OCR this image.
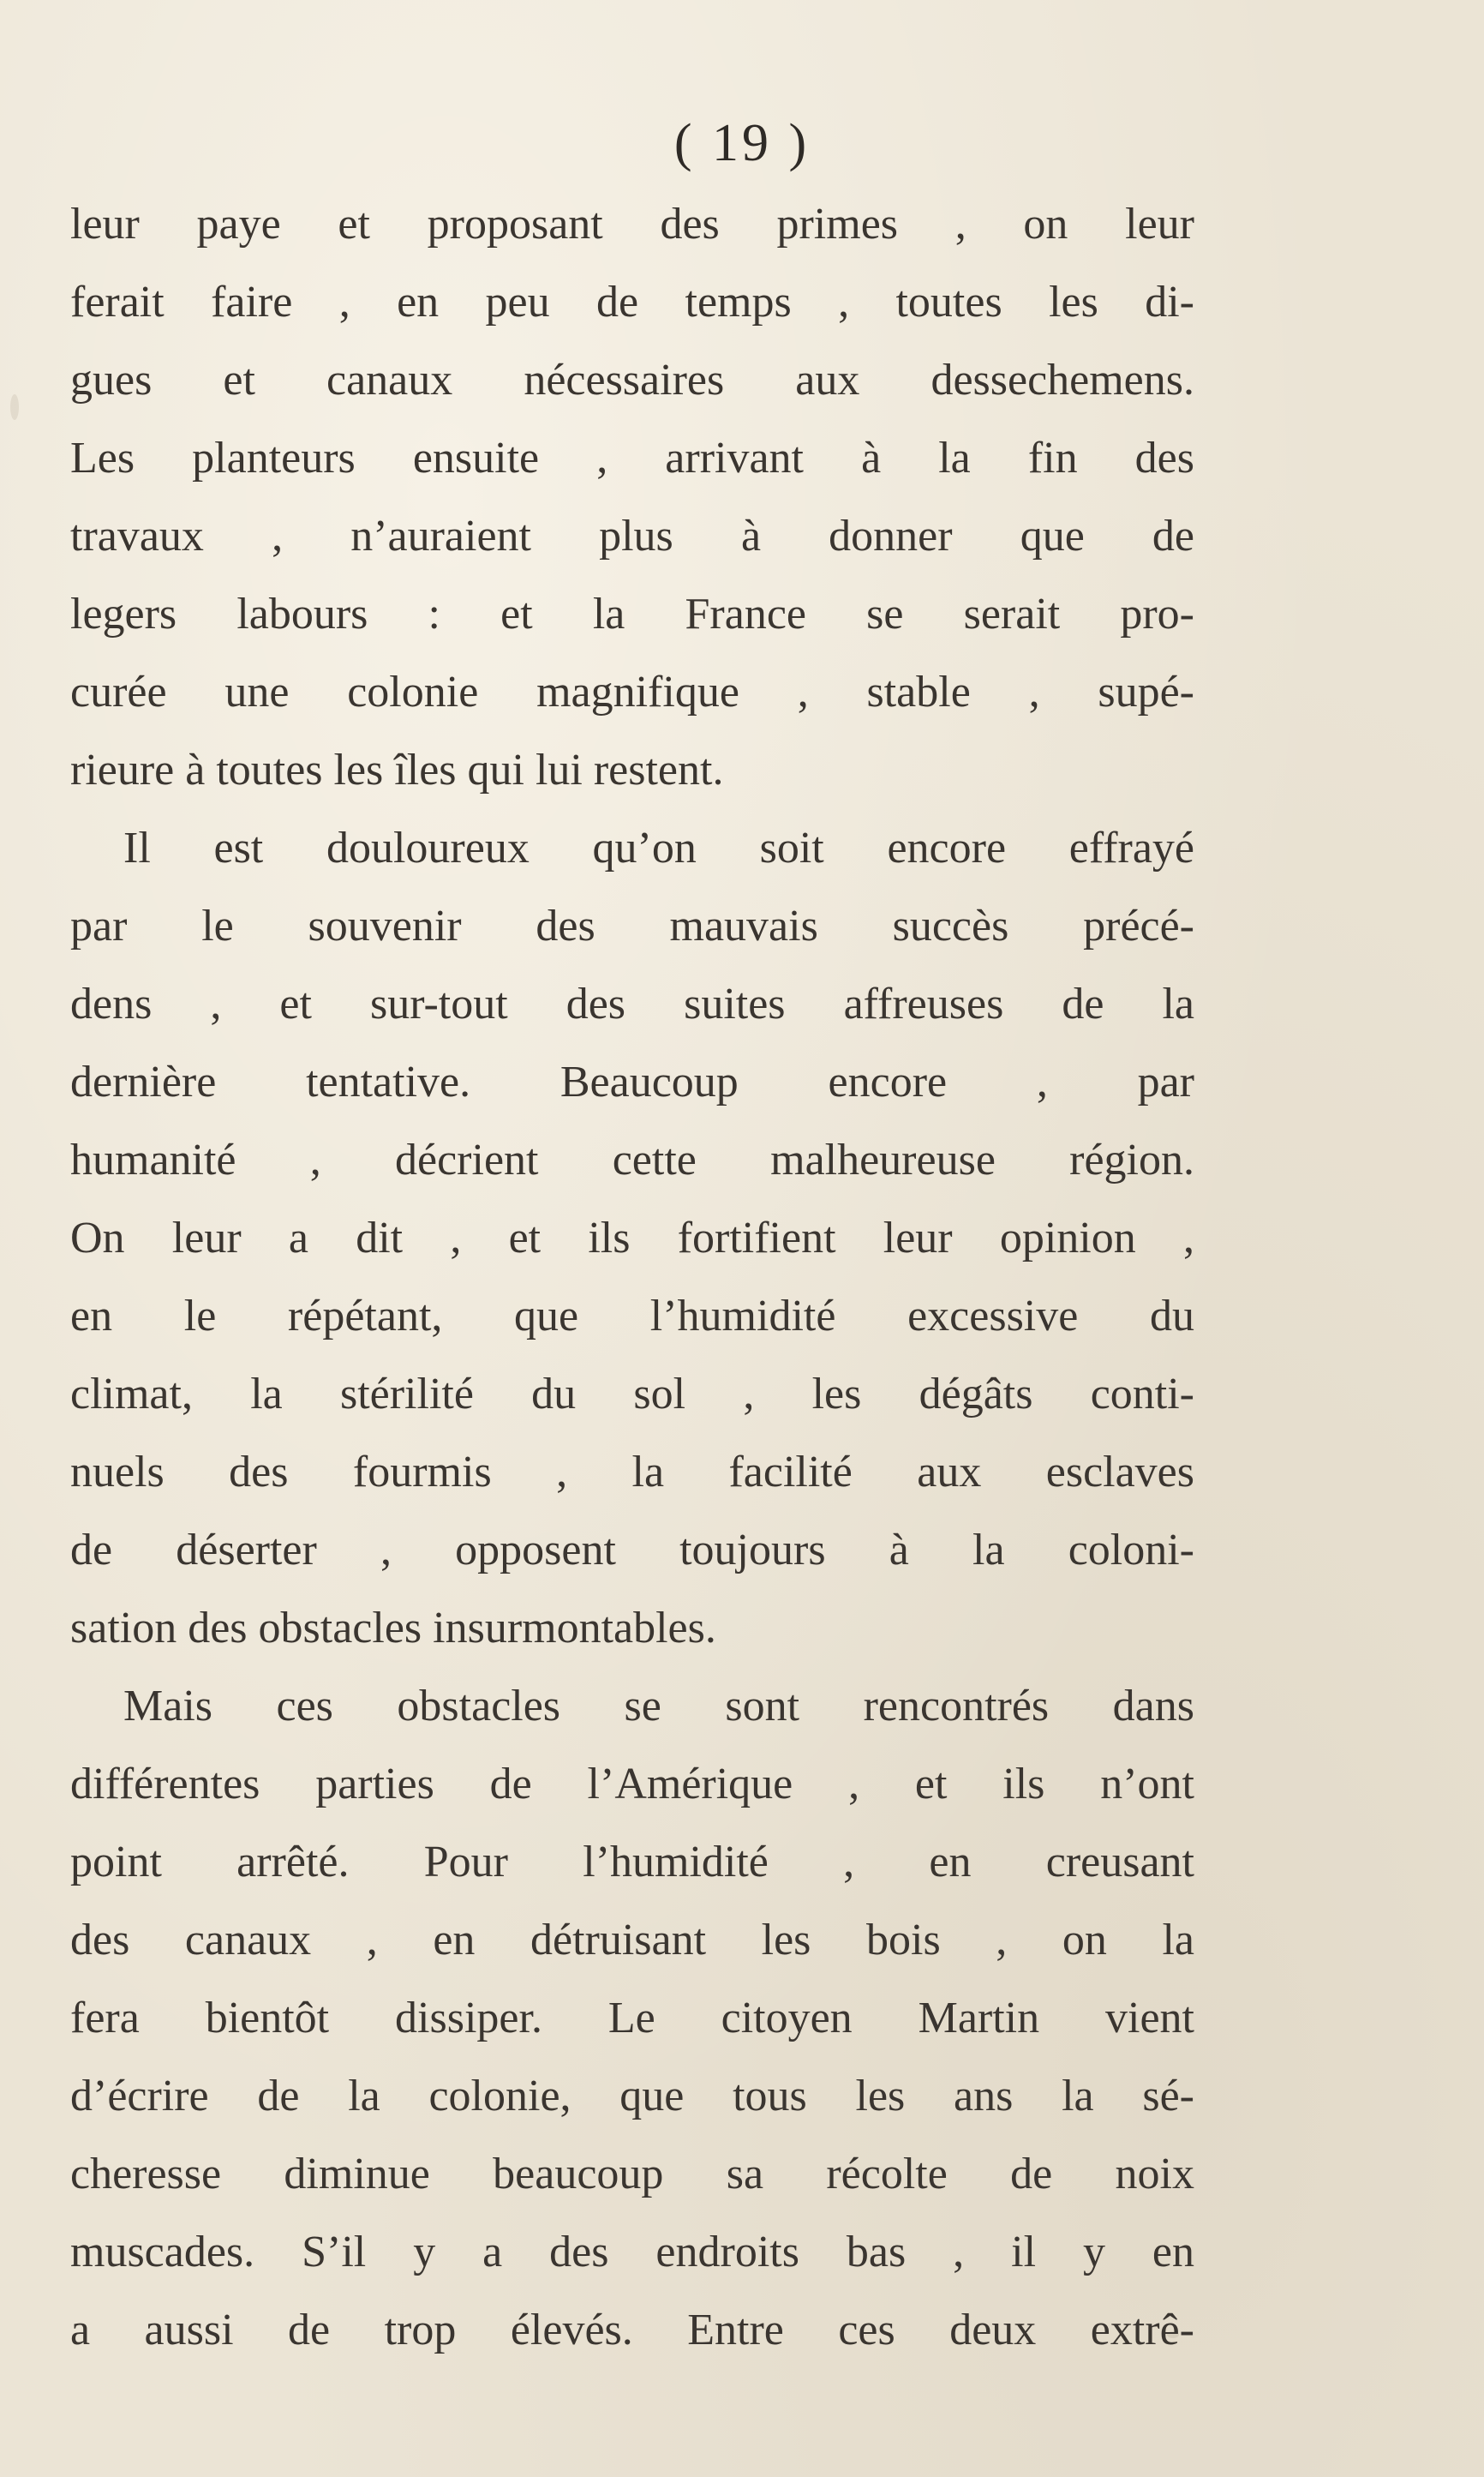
( 19 )
leur paye et proposant des primes , on leur
ferait faire , en peu de temps , toutes les di-
gues et canaux nécessaires aux dessechemens.
Les planteurs ensuite , arrivant à la fin des
travaux , n’auraient plus à donner que de
legers labours : et la France se serait pro-
curée une colonie magnifique , stable , supé-
rieure à toutes les îles qui lui restent.
Il est douloureux qu’on soit encore effrayé
par le souvenir des mauvais succès précé-
dens , et sur-tout des suites affreuses de la
dernière tentative. Beaucoup encore , par
humanité , décrient cette malheureuse région.
On leur a dit , et ils fortifient leur opinion ,
en le répétant, que l’humidité excessive du
climat, la stérilité du sol , les dégâts conti-
nuels des fourmis , la facilité aux esclaves
de déserter , opposent toujours à la coloni-
sation des obstacles insurmontables.
Mais ces obstacles se sont rencontrés dans
différentes parties de l’Amérique , et ils n’ont
point arrêté. Pour l’humidité , en creusant
des canaux , en détruisant les bois , on la
fera bientôt dissiper. Le citoyen Martin vient
d’écrire de la colonie, que tous les ans la sé-
cheresse diminue beaucoup sa récolte de noix
muscades. S’il y a des endroits bas , il y en
a aussi de trop élevés. Entre ces deux extrê-
